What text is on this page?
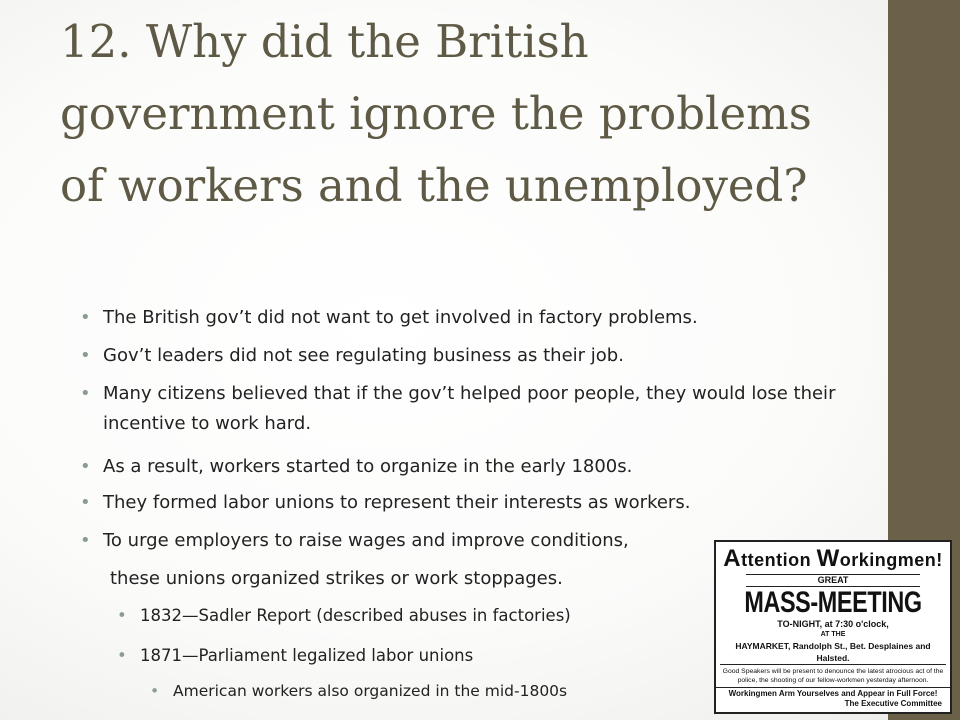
12. Why did the British government ignore the problems of workers and the unemployed?
• The British gov’t did not want to get involved in factory problems.
• Gov’t leaders did not see regulating business as their job.
• Many citizens believed that if the gov’t helped poor people, they would lose their incentive to work hard.
• As a result, workers started to organize in the early 1800s.
• They formed labor unions to represent their interests as workers.
• To urge employers to raise wages and improve conditions,
these unions organized strikes or work stoppages.
• 1832—Sadler Report (described abuses in factories)
• 1871—Parliament legalized labor unions
• American workers also organized in the mid-1800s
Attention Workingmen!
GREAT
MASS-MEETING
TO-NIGHT, at 7:30 o'clock,
AT THE
HAYMARKET, Randolph St., Bet. Desplaines and Halsted.
Good Speakers will be present to denounce the latest atrocious act of the police, the shooting of our fellow-workmen yesterday afternoon.
Workingmen Arm Yourselves and Appear in Full Force!
The Executive Committee
